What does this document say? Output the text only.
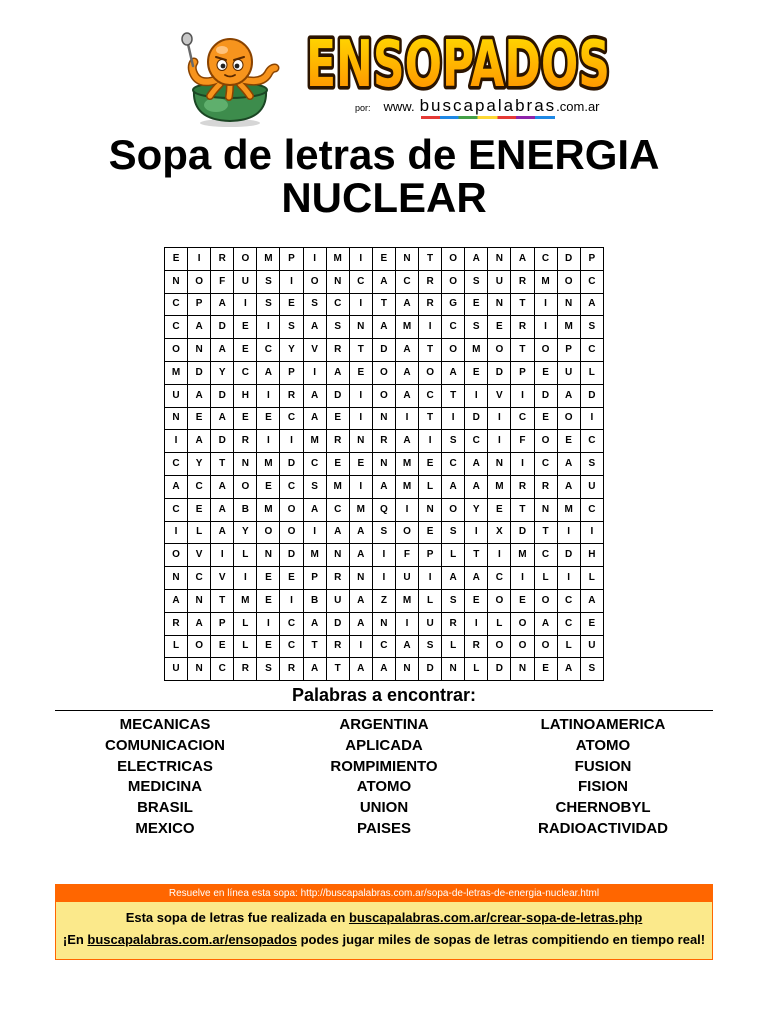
ENSOPADOS
por: www. buscapalabras .com.ar
Sopa de letras de ENERGIA
NUCLEAR
E	I	R	O	M	P	I	M	I	E	N	T	O	A	N	A	C	D	P
N	O	F	U	S	I	O	N	C	A	C	R	O	S	U	R	M	O	C
C	P	A	I	S	E	S	C	I	T	A	R	G	E	N	T	I	N	A
C	A	D	E	I	S	A	S	N	A	M	I	C	S	E	R	I	M	S
O	N	A	E	C	Y	V	R	T	D	A	T	O	M	O	T	O	P	C
M	D	Y	C	A	P	I	A	E	O	A	O	A	E	D	P	E	U	L
U	A	D	H	I	R	A	D	I	O	A	C	T	I	V	I	D	A	D
N	E	A	E	E	C	A	E	I	N	I	T	I	D	I	C	E	O	I
I	A	D	R	I	I	M	R	N	R	A	I	S	C	I	F	O	E	C
C	Y	T	N	M	D	C	E	E	N	M	E	C	A	N	I	C	A	S
A	C	A	O	E	C	S	M	I	A	M	L	A	A	M	R	R	A	U
C	E	A	B	M	O	A	C	M	Q	I	N	O	Y	E	T	N	M	C
I	L	A	Y	O	O	I	A	A	S	O	E	S	I	X	D	T	I	I
O	V	I	L	N	D	M	N	A	I	F	P	L	T	I	M	C	D	H
N	C	V	I	E	E	P	R	N	I	U	I	A	A	C	I	L	I	L
A	N	T	M	E	I	B	U	A	Z	M	L	S	E	O	E	O	C	A
R	A	P	L	I	C	A	D	A	N	I	U	R	I	L	O	A	C	E
L	O	E	L	E	C	T	R	I	C	A	S	L	R	O	O	O	L	U
U	N	C	R	S	R	A	T	A	A	N	D	N	L	D	N	E	A	S
Palabras a encontrar:
MECANICAS
COMUNICACION
ELECTRICAS
MEDICINA
BRASIL
MEXICO
ARGENTINA
APLICADA
ROMPIMIENTO
ATOMO
UNION
PAISES
LATINOAMERICA
ATOMO
FUSION
FISION
CHERNOBYL
RADIOACTIVIDAD
Resuelve en línea esta sopa: http://buscapalabras.com.ar/sopa-de-letras-de-energia-nuclear.html
Esta sopa de letras fue realizada en buscapalabras.com.ar/crear-sopa-de-letras.php
¡En buscapalabras.com.ar/ensopados podes jugar miles de sopas de letras compitiendo en tiempo real!
